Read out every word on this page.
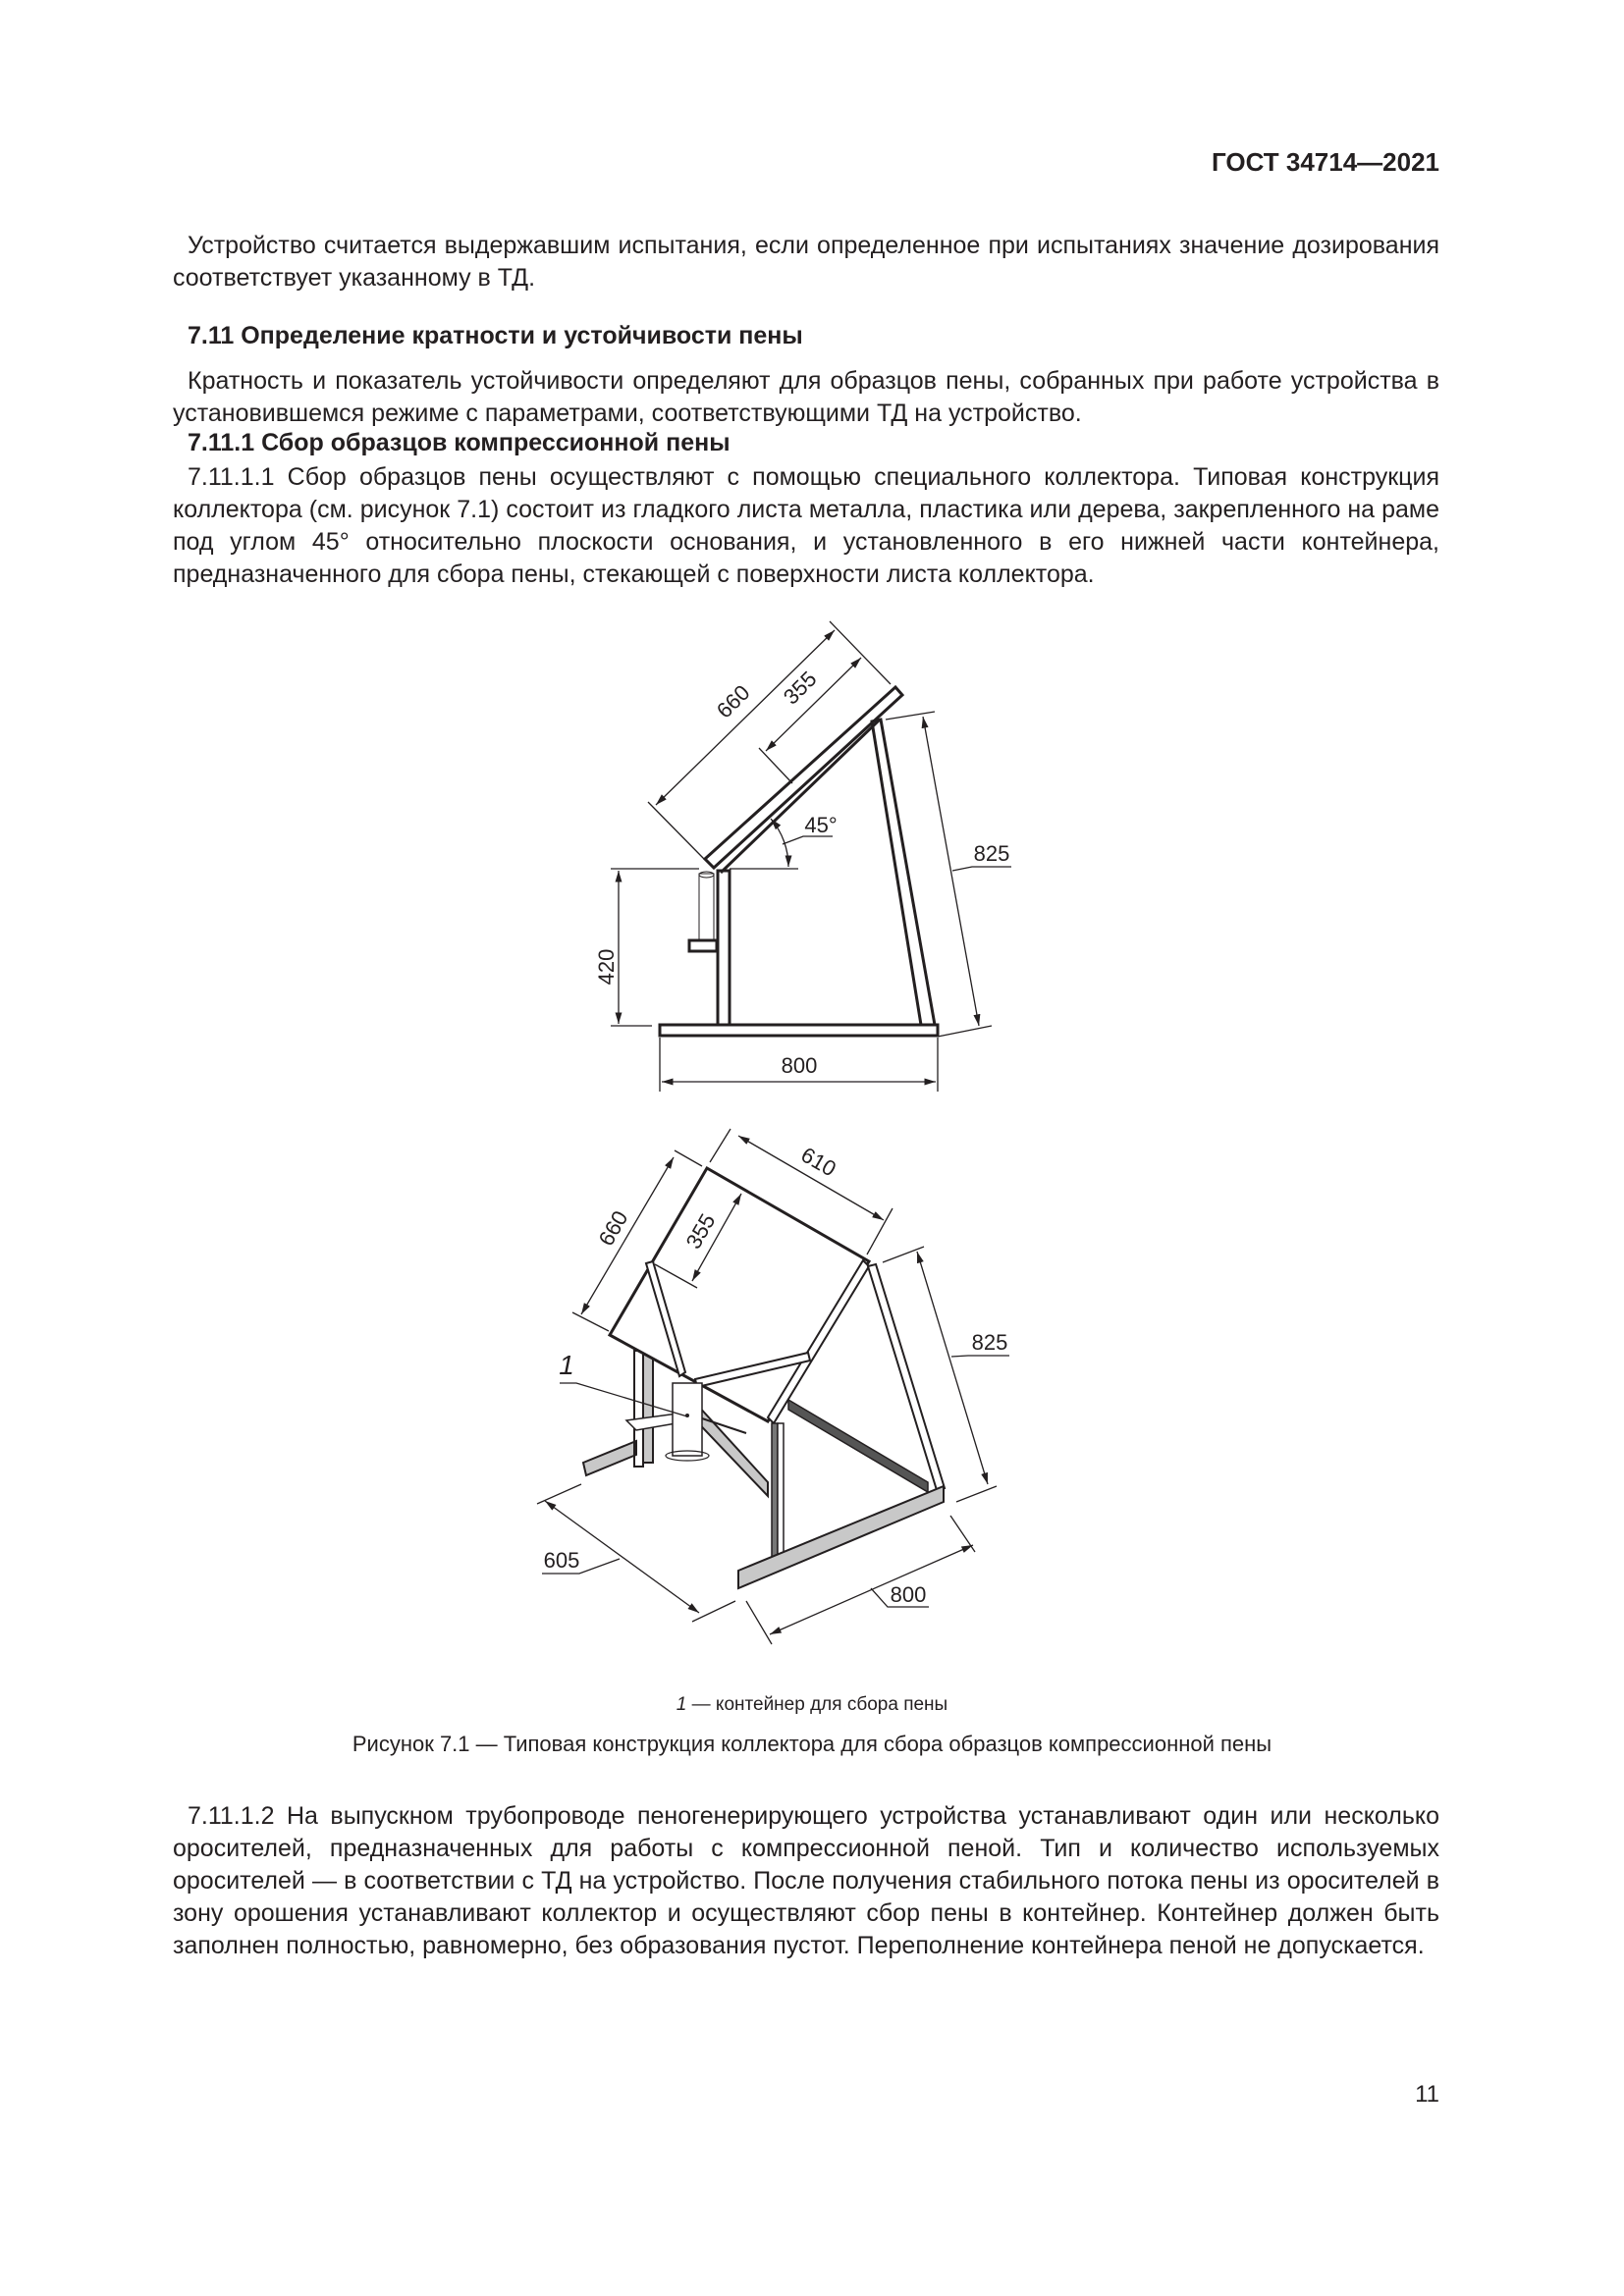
ГОСТ 34714—2021

Устройство считается выдержавшим испытания, если определенное при испытаниях значение дозирования соответствует указанному в ТД.

7.11 Определение кратности и устойчивости пены

Кратность и показатель устойчивости определяют для образцов пены, собранных при работе устройства в установившемся режиме с параметрами, соответствующими ТД на устройство.

7.11.1 Сбор образцов компрессионной пены

7.11.1.1 Сбор образцов пены осуществляют с помощью специального коллектора. Типовая конструкция коллектора (см. рисунок 7.1) состоит из гладкого листа металла, пластика или дерева, закрепленного на раме под углом 45° относительно плоскости основания, и установленного в его нижней части контейнера, предназначенного для сбора пены, стекающей с поверхности листа коллектора.

420
800
825
660 355
45°
1
660 355
610
825
605
800
1 — контейнер для сбора пены
Рисунок 7.1 — Типовая конструкция коллектора для сбора образцов компрессионной пены

7.11.1.2 На выпускном трубопроводе пеногенерирующего устройства устанавливают один или несколько оросителей, предназначенных для работы с компрессионной пеной. Тип и количество используемых оросителей — в соответствии с ТД на устройство. После получения стабильного потока пены из оросителей в зону орошения устанавливают коллектор и осуществляют сбор пены в контейнер. Контейнер должен быть заполнен полностью, равномерно, без образования пустот. Переполнение контейнера пеной не допускается.

11
